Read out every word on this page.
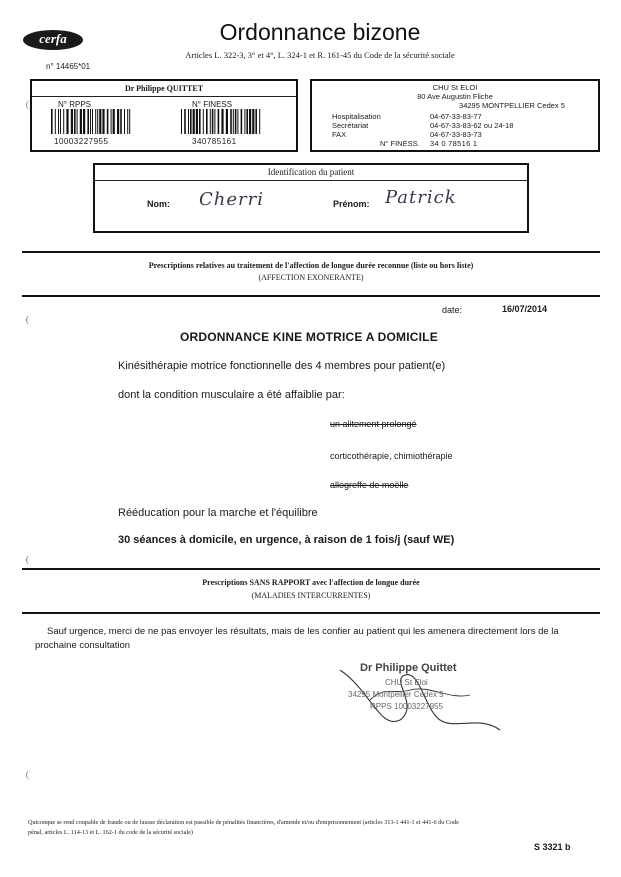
cerfa	Ordonnance bizone
Articles L. 322-3, 3° et 4°, L. 324-1 et R. 161-45 du Code de la sécurité sociale
n° 14465*01
Dr Philippe QUITTET
N° RPPS	N° FINESS
10003227955	340785161
CHU St ELOI
80 Ave Augustin Fliche
34295 MONTPELLIER Cedex 5
Hospitalisation	04-67-33-83-77
Secrétariat	04-67-33-83-62 ou 24-18
FAX	04-67-33-83-73
N° FINESS. 34 0 78516 1
Identification du patient
Nom: Cherri	Prénom: Patrick
Prescriptions relatives au traitement de l'affection de longue durée reconnue (liste ou hors liste)
(AFFECTION EXONERANTE)
date:	16/07/2014
ORDONNANCE KINE MOTRICE A DOMICILE
Kinésithérapie motrice fonctionnelle des 4 membres pour patient(e)
dont la condition musculaire a été affaiblie par:
un alitement prolongé
corticothérapie, chimiothérapie
allogreffe de moëlle
Rééducation pour la marche et l'équilibre
30 séances à domicile, en urgence, à raison de 1 fois/j (sauf WE)
Prescriptions SANS RAPPORT avec l'affection de longue durée
(MALADIES INTERCURRENTES)
Sauf urgence, merci de ne pas envoyer les résultats, mais de les confier au patient qui les amenera directement lors de la prochaine consultation
Dr Philippe Quittet
CHU St Eloi
34295 Montpellier Cedex 5
RPPS 10003227955
Quiconque se rend coupable de fraude ou de fausse déclaration est passible de pénalités financières, d'amende et/ou d'emprisonnement (articles 313-1 441-1 et 441-6 du Code pénal, articles L. 114-13 et L. 162-1 du code de la sécurité sociale)
S 3321 b
